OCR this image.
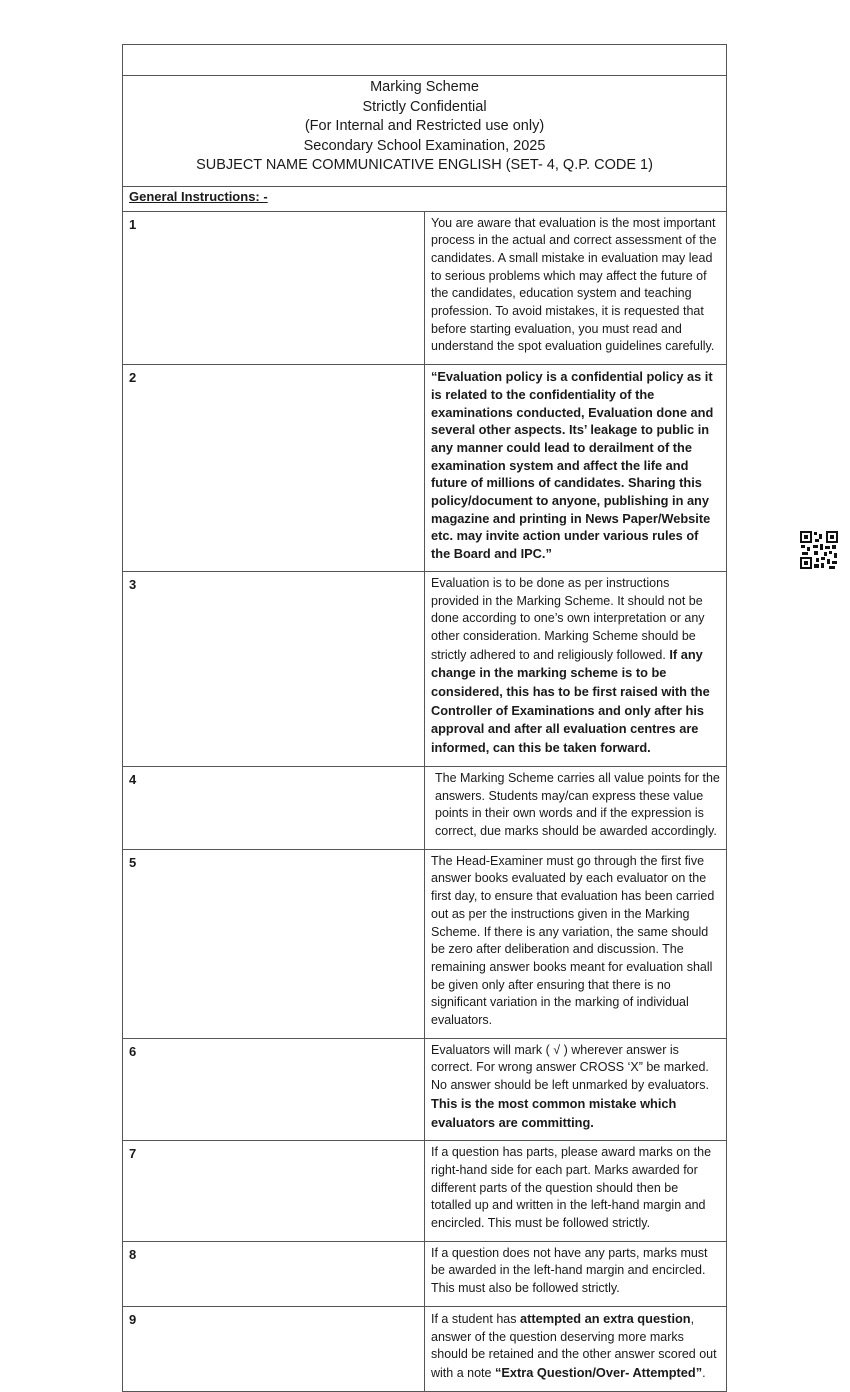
Marking Scheme
Strictly Confidential
(For Internal and Restricted use only)
Secondary School Examination, 2025
SUBJECT NAME COMMUNICATIVE ENGLISH (SET- 4, Q.P. CODE 1)	

General Instructions: -	
1	You are aware that evaluation is the most important process in the actual and correct assessment of the candidates. A small mistake in evaluation may lead to serious problems which may affect the future of the candidates, education system and teaching profession. To avoid mistakes, it is requested that before starting evaluation, you must read and understand the spot evaluation guidelines carefully.
2	“Evaluation policy is a confidential policy as it is related to the confidentiality of the examinations conducted, Evaluation done and several other aspects. Its’ leakage to public in any manner could lead to derailment of the examination system and affect the life and future of millions of candidates. Sharing this policy/document to anyone, publishing in any magazine and printing in News Paper/Website etc. may invite action under various rules of the Board and IPC.”
3	Evaluation is to be done as per instructions provided in the Marking Scheme. It should not be done according to one’s own interpretation or any other consideration. Marking Scheme should be strictly adhered to and religiously followed. If any change in the marking scheme is to be considered, this has to be first raised with the Controller of Examinations and only after his approval and after all evaluation centres are informed, can this be taken forward.
4	The Marking Scheme carries all value points for the answers. Students may/can express these value points in their own words and if the expression is correct, due marks should be awarded accordingly.
5	The Head-Examiner must go through the first five answer books evaluated by each evaluator on the first day, to ensure that evaluation has been carried out as per the instructions given in the Marking Scheme. If there is any variation, the same should be zero after deliberation and discussion. The remaining answer books meant for evaluation shall be given only after ensuring that there is no significant variation in the marking of individual evaluators.
6	Evaluators will mark ( √ ) wherever answer is correct. For wrong answer CROSS ‘X” be marked. No answer should be left unmarked by evaluators. This is the most common mistake which evaluators are committing.
7	If a question has parts, please award marks on the right-hand side for each part. Marks awarded for different parts of the question should then be totalled up and written in the left-hand margin and encircled. This must be followed strictly.
8	If a question does not have any parts, marks must be awarded in the left-hand margin and encircled. This must also be followed strictly.
9	If a student has attempted an extra question, answer of the question deserving more marks should be retained and the other answer scored out with a note “Extra Question/Over- Attempted”.
